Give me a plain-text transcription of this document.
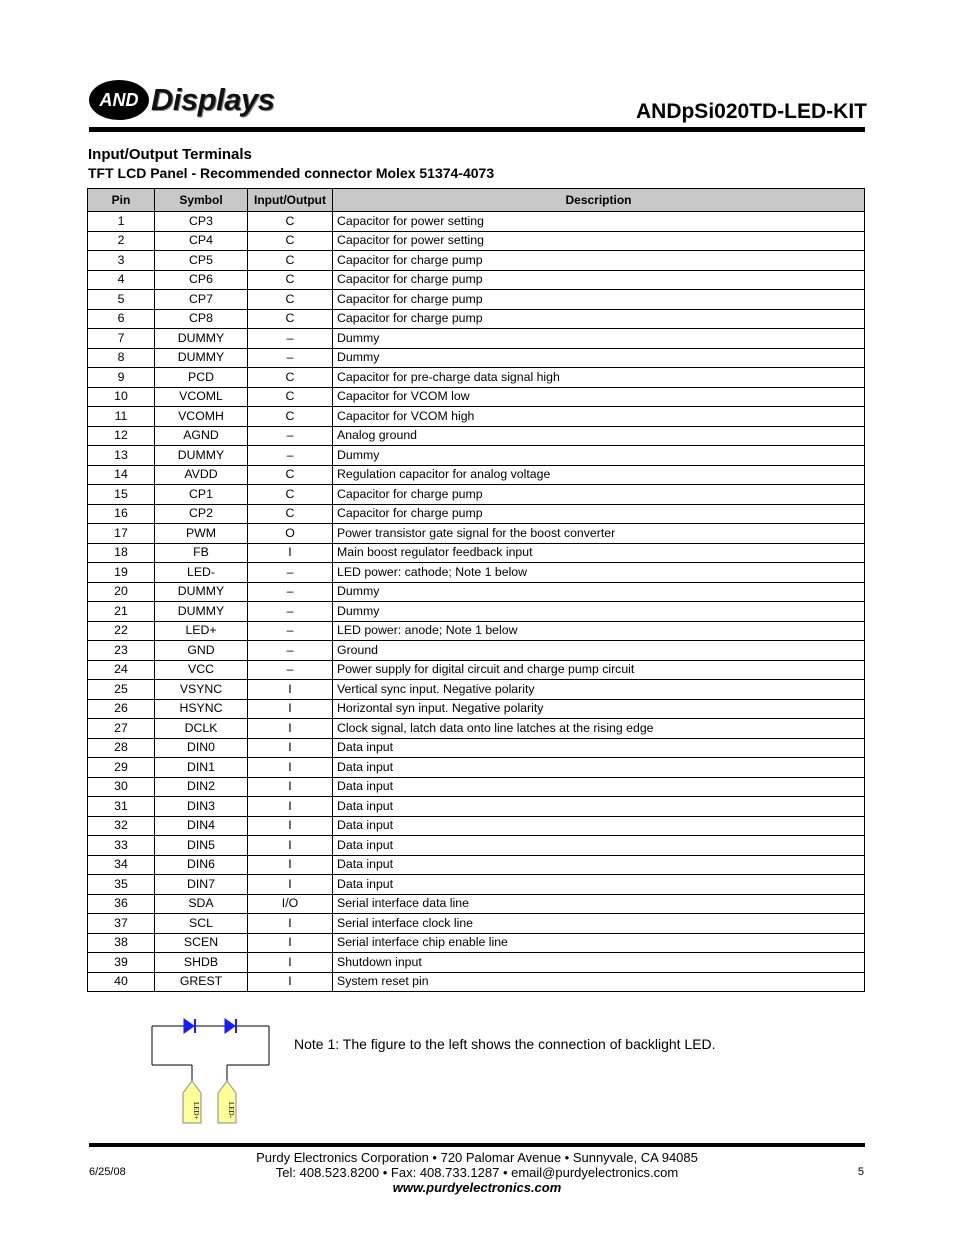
AND Displays	ANDpSi020TD-LED-KIT
Input/Output Terminals
TFT LCD Panel - Recommended connector Molex 51374-4073
Pin	Symbol	Input/Output	Description
1	CP3	C	Capacitor for power setting
2	CP4	C	Capacitor for power setting
3	CP5	C	Capacitor for charge pump
4	CP6	C	Capacitor for charge pump
5	CP7	C	Capacitor for charge pump
6	CP8	C	Capacitor for charge pump
7	DUMMY	–	Dummy
8	DUMMY	–	Dummy
9	PCD	C	Capacitor for pre-charge data signal high
10	VCOML	C	Capacitor for VCOM low
11	VCOMH	C	Capacitor for VCOM high
12	AGND	–	Analog ground
13	DUMMY	–	Dummy
14	AVDD	C	Regulation capacitor for analog voltage
15	CP1	C	Capacitor for charge pump
16	CP2	C	Capacitor for charge pump
17	PWM	O	Power transistor gate signal for the boost converter
18	FB	I	Main boost regulator feedback input
19	LED-	–	LED power: cathode; Note 1 below
20	DUMMY	–	Dummy
21	DUMMY	–	Dummy
22	LED+	–	LED power: anode; Note 1 below
23	GND	–	Ground
24	VCC	–	Power supply for digital circuit and charge pump circuit
25	VSYNC	I	Vertical sync input. Negative polarity
26	HSYNC	I	Horizontal syn input. Negative polarity
27	DCLK	I	Clock signal, latch data onto line latches at the rising edge
28	DIN0	I	Data input
29	DIN1	I	Data input
30	DIN2	I	Data input
31	DIN3	I	Data input
32	DIN4	I	Data input
33	DIN5	I	Data input
34	DIN6	I	Data input
35	DIN7	I	Data input
36	SDA	I/O	Serial interface data line
37	SCL	I	Serial interface clock line
38	SCEN	I	Serial interface chip enable line
39	SHDB	I	Shutdown input
40	GREST	I	System reset pin
LED+	LED-
Note 1: The figure to the left shows the connection of backlight LED.
Purdy Electronics Corporation • 720 Palomar Avenue • Sunnyvale, CA 94085
Tel: 408.523.8200 • Fax: 408.733.1287 • email@purdyelectronics.com
www.purdyelectronics.com
6/25/08	5
